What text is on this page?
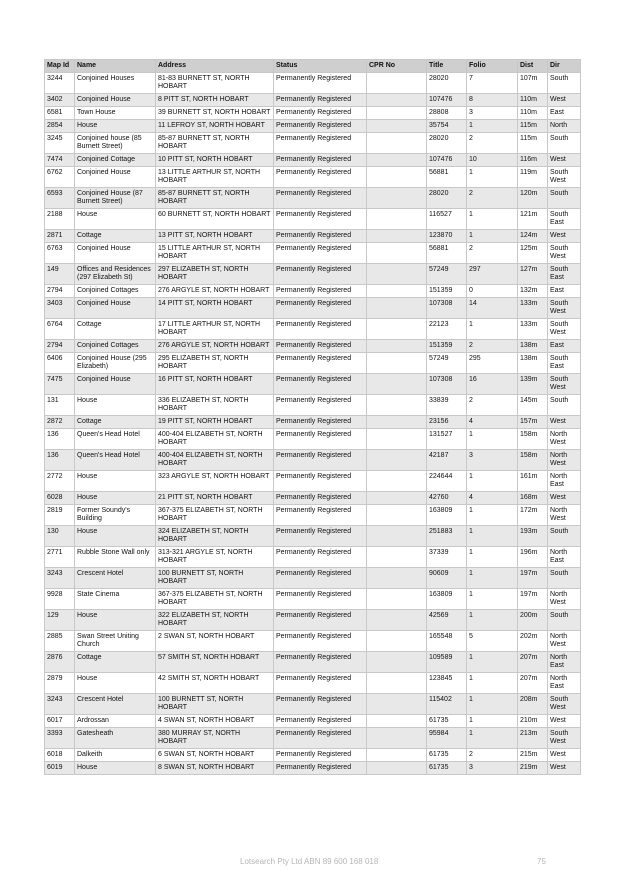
Map Id	Name	Address	Status	CPR No	Title	Folio	Dist	Dir
3244	Conjoined Houses	81-83 BURNETT ST, NORTH HOBART	Permanently Registered		28020	7	107m	South
3402	Conjoined House	8 PITT ST, NORTH HOBART	Permanently Registered		107476	8	110m	West
6581	Town House	39 BURNETT ST, NORTH HOBART	Permanently Registered		28808	3	110m	East
2854	House	11 LEFROY ST, NORTH HOBART	Permanently Registered		35754	1	115m	North
3245	Conjoined house (85 Burnett Street)	85-87 BURNETT ST, NORTH HOBART	Permanently Registered		28020	2	115m	South
7474	Conjoined Cottage	10 PITT ST, NORTH HOBART	Permanently Registered		107476	10	116m	West
6762	Conjoined House	13 LITTLE ARTHUR ST, NORTH HOBART	Permanently Registered		56881	1	119m	South West
6593	Conjoined House (87 Burnett Street)	85-87 BURNETT ST, NORTH HOBART	Permanently Registered		28020	2	120m	South
2188	House	60 BURNETT ST, NORTH HOBART	Permanently Registered		116527	1	121m	South East
2871	Cottage	13 PITT ST, NORTH HOBART	Permanently Registered		123870	1	124m	West
6763	Conjoined House	15 LITTLE ARTHUR ST, NORTH HOBART	Permanently Registered		56881	2	125m	South West
149	Offices and Residences (297 Elizabeth St)	297 ELIZABETH ST, NORTH HOBART	Permanently Registered		57249	297	127m	South East
2794	Conjoined Cottages	276 ARGYLE ST, NORTH HOBART	Permanently Registered		151359	0	132m	East
3403	Conjoined House	14 PITT ST, NORTH HOBART	Permanently Registered		107308	14	133m	South West
6764	Cottage	17 LITTLE ARTHUR ST, NORTH HOBART	Permanently Registered		22123	1	133m	South West
2794	Conjoined Cottages	276 ARGYLE ST, NORTH HOBART	Permanently Registered		151359	2	138m	East
6406	Conjoined House (295 Elizabeth)	295 ELIZABETH ST, NORTH HOBART	Permanently Registered		57249	295	138m	South East
7475	Conjoined House	16 PITT ST, NORTH HOBART	Permanently Registered		107308	16	139m	South West
131	House	336 ELIZABETH ST, NORTH HOBART	Permanently Registered		33839	2	145m	South
2872	Cottage	19 PITT ST, NORTH HOBART	Permanently Registered		23156	4	157m	West
136	Queen's Head Hotel	400-404 ELIZABETH ST, NORTH HOBART	Permanently Registered		131527	1	158m	North West
136	Queen's Head Hotel	400-404 ELIZABETH ST, NORTH HOBART	Permanently Registered		42187	3	158m	North West
2772	House	323 ARGYLE ST, NORTH HOBART	Permanently Registered		224644	1	161m	North East
6028	House	21 PITT ST, NORTH HOBART	Permanently Registered		42760	4	168m	West
2819	Former Soundy's Building	367-375 ELIZABETH ST, NORTH HOBART	Permanently Registered		163809	1	172m	North West
130	House	324 ELIZABETH ST, NORTH HOBART	Permanently Registered		251883	1	193m	South
2771	Rubble Stone Wall only	313-321 ARGYLE ST, NORTH HOBART	Permanently Registered		37339	1	196m	North East
3243	Crescent Hotel	100 BURNETT ST, NORTH HOBART	Permanently Registered		90609	1	197m	South
9928	State Cinema	367-375 ELIZABETH ST, NORTH HOBART	Permanently Registered		163809	1	197m	North West
129	House	322 ELIZABETH ST, NORTH HOBART	Permanently Registered		42569	1	200m	South
2885	Swan Street Uniting Church	2 SWAN ST, NORTH HOBART	Permanently Registered		165548	5	202m	North West
2876	Cottage	57 SMITH ST, NORTH HOBART	Permanently Registered		109589	1	207m	North East
2879	House	42 SMITH ST, NORTH HOBART	Permanently Registered		123845	1	207m	North East
3243	Crescent Hotel	100 BURNETT ST, NORTH HOBART	Permanently Registered		115402	1	208m	South West
6017	Ardrossan	4 SWAN ST, NORTH HOBART	Permanently Registered		61735	1	210m	West
3393	Gatesheath	380 MURRAY ST, NORTH HOBART	Permanently Registered		95984	1	213m	South West
6018	Dalkeith	6 SWAN ST, NORTH HOBART	Permanently Registered		61735	2	215m	West
6019	House	8 SWAN ST, NORTH HOBART	Permanently Registered		61735	3	219m	West
Lotsearch Pty Ltd ABN 89 600 168 018	75
